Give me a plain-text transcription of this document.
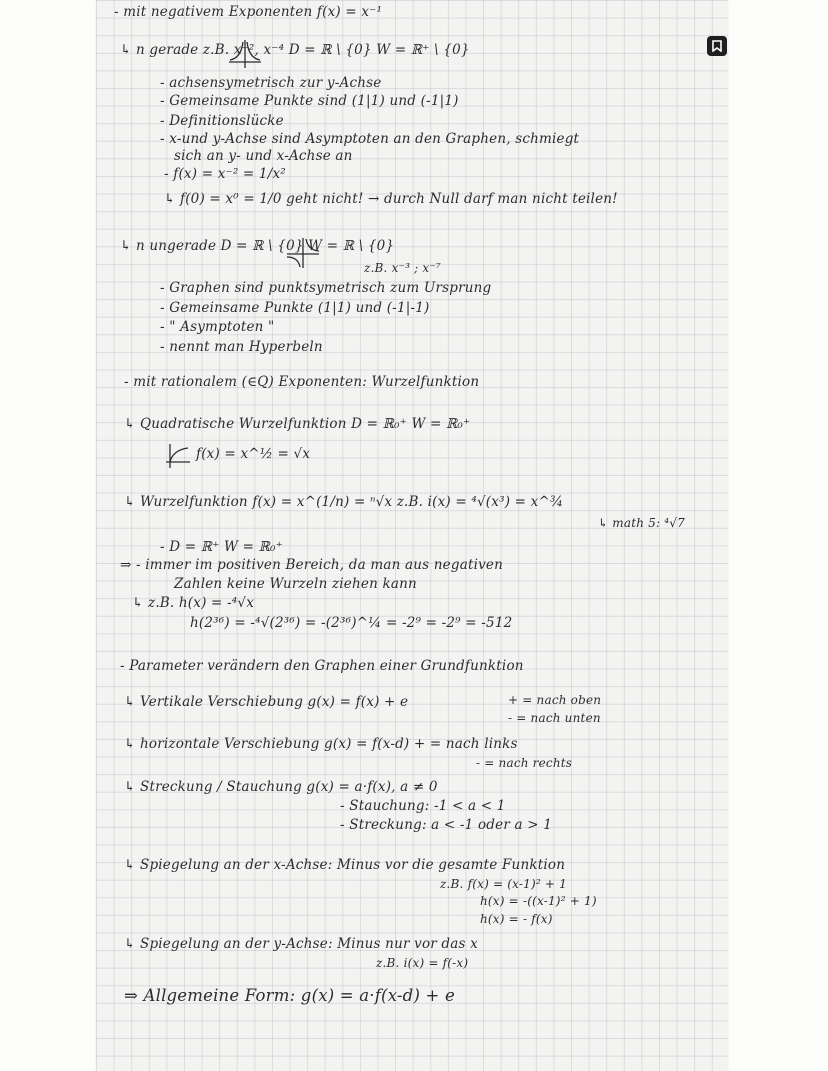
- mit negativem Exponenten f(x) = x⁻¹
↳ n gerade z.B. x⁻², x⁻⁴ D = ℝ \ {0} W = ℝ⁺ \ {0}
- achsensymetrisch zur y-Achse
- Gemeinsame Punkte sind (1|1) und (-1|1)
- Definitionslücke
- x-und y-Achse sind Asymptoten an den Graphen, schmiegt
sich an y- und x-Achse an
- f(x) = x⁻² = 1/x²
↳ f(0) = x⁰ = 1/0 geht nicht! → durch Null darf man nicht teilen!
↳ n ungerade D = ℝ \ {0} W = ℝ \ {0}
z.B. x⁻³ ; x⁻⁷
- Graphen sind punktsymetrisch zum Ursprung
- Gemeinsame Punkte (1|1) und (-1|-1)
- " Asymptoten "
- nennt man Hyperbeln
- mit rationalem (∈Q) Exponenten: Wurzelfunktion
↳ Quadratische Wurzelfunktion D = ℝ₀⁺ W = ℝ₀⁺
f(x) = x^½ = √x
↳ Wurzelfunktion f(x) = x^(1/n) = ⁿ√x z.B. i(x) = ⁴√(x³) = x^¾
↳ math 5: ⁴√7
- D = ℝ⁺ W = ℝ₀⁺
⇒ - immer im positiven Bereich, da man aus negativen
Zahlen keine Wurzeln ziehen kann
↳ z.B. h(x) = -⁴√x
h(2³⁶) = -⁴√(2³⁶) = -(2³⁶)^¼ = -2⁹ = -2⁹ = -512
- Parameter verändern den Graphen einer Grundfunktion
↳ Vertikale Verschiebung g(x) = f(x) + e	+ = nach oben
- = nach unten
↳ horizontale Verschiebung g(x) = f(x-d) + = nach links
- = nach rechts
↳ Streckung / Stauchung g(x) = a·f(x), a ≠ 0
- Stauchung: -1 < a < 1
- Streckung: a < -1 oder a > 1
↳ Spiegelung an der x-Achse: Minus vor die gesamte Funktion
z.B. f(x) = (x-1)² + 1
h(x) = -((x-1)² + 1)
h(x) = - f(x)
↳ Spiegelung an der y-Achse: Minus nur vor das x
z.B. i(x) = f(-x)
⇒ Allgemeine Form: g(x) = a·f(x-d) + e
